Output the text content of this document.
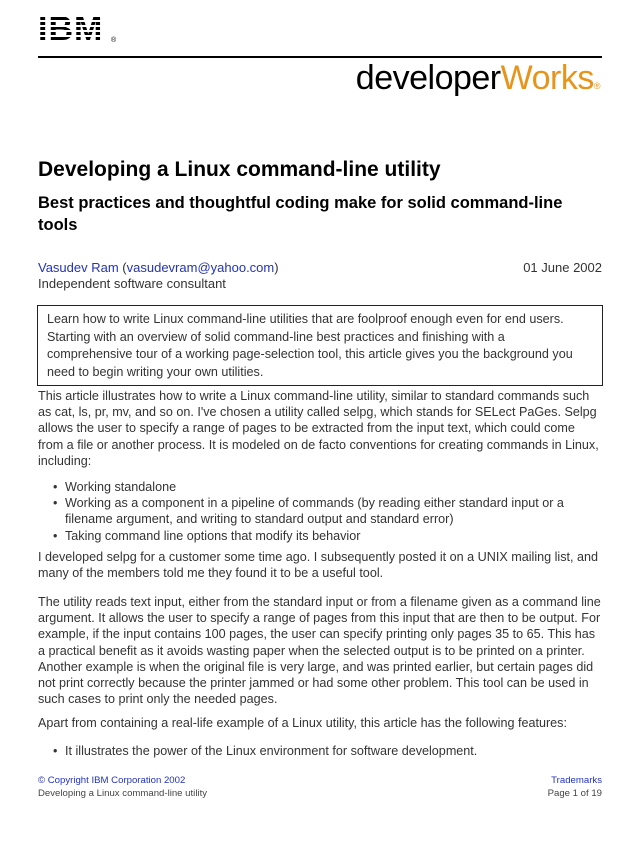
IBM ®
developerWorks®
Developing a Linux command-line utility
Best practices and thoughtful coding make for solid command-line tools
Vasudev Ram (vasudevram@yahoo.com)	01 June 2002
Independent software consultant
Learn how to write Linux command-line utilities that are foolproof enough even for end users. Starting with an overview of solid command-line best practices and finishing with a comprehensive tour of a working page-selection tool, this article gives you the background you need to begin writing your own utilities.

This article illustrates how to write a Linux command-line utility, similar to standard commands such as cat, ls, pr, mv, and so on. I've chosen a utility called selpg, which stands for SELect PaGes. Selpg allows the user to specify a range of pages to be extracted from the input text, which could come from a file or another process. It is modeled on de facto conventions for creating commands in Linux, including:

• Working standalone
• Working as a component in a pipeline of commands (by reading either standard input or a filename argument, and writing to standard output and standard error)
• Taking command line options that modify its behavior

I developed selpg for a customer some time ago. I subsequently posted it on a UNIX mailing list, and many of the members told me they found it to be a useful tool.

The utility reads text input, either from the standard input or from a filename given as a command line argument. It allows the user to specify a range of pages from this input that are then to be output. For example, if the input contains 100 pages, the user can specify printing only pages 35 to 65. This has a practical benefit as it avoids wasting paper when the selected output is to be printed on a printer. Another example is when the original file is very large, and was printed earlier, but certain pages did not print correctly because the printer jammed or had some other problem. This tool can be used in such cases to print only the needed pages.

Apart from containing a real-life example of a Linux utility, this article has the following features:

• It illustrates the power of the Linux environment for software development.
© Copyright IBM Corporation 2002	Trademarks
Developing a Linux command-line utility	Page 1 of 19
